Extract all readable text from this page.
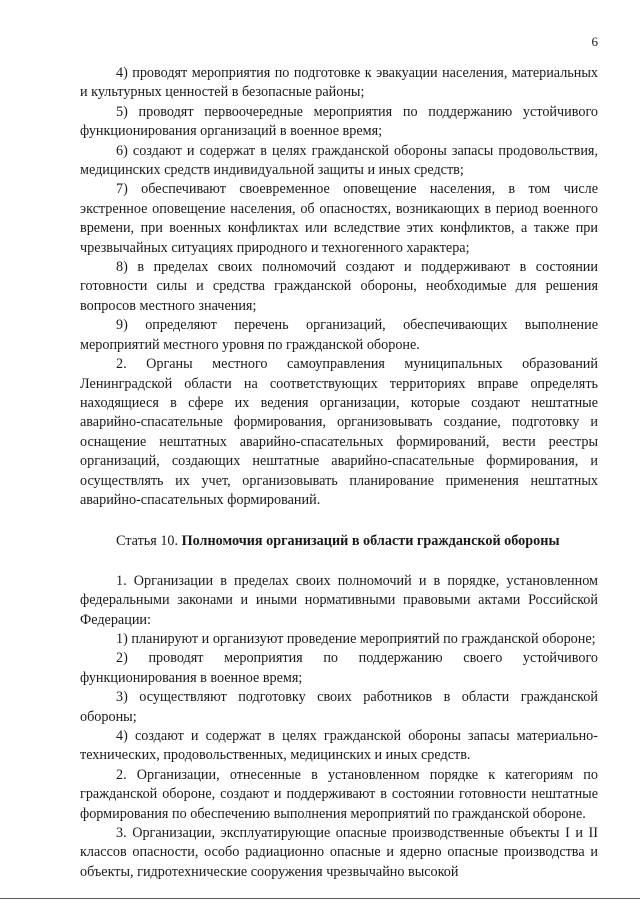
6

4) проводят мероприятия по подготовке к эвакуации населения, материальных и культурных ценностей в безопасные районы;

5) проводят первоочередные мероприятия по поддержанию устойчивого функционирования организаций в военное время;

6) создают и содержат в целях гражданской обороны запасы продовольствия, медицинских средств индивидуальной защиты и иных средств;

7) обеспечивают своевременное оповещение населения, в том числе экстренное оповещение населения, об опасностях, возникающих в период военного времени, при военных конфликтах или вследствие этих конфликтов, а также при чрезвычайных ситуациях природного и техногенного характера;

8) в пределах своих полномочий создают и поддерживают в состоянии готовности силы и средства гражданской обороны, необходимые для решения вопросов местного значения;

9) определяют перечень организаций, обеспечивающих выполнение мероприятий местного уровня по гражданской обороне.

2. Органы местного самоуправления муниципальных образований Ленинградской области на соответствующих территориях вправе определять находящиеся в сфере их ведения организации, которые создают нештатные аварийно-спасательные формирования, организовывать создание, подготовку и оснащение нештатных аварийно-спасательных формирований, вести реестры организаций, создающих нештатные аварийно-спасательные формирования, и осуществлять их учет, организовывать планирование применения нештатных аварийно-спасательных формирований.

Статья 10. Полномочия организаций в области гражданской обороны

1. Организации в пределах своих полномочий и в порядке, установленном федеральными законами и иными нормативными правовыми актами Российской Федерации:

1) планируют и организуют проведение мероприятий по гражданской обороне;

2) проводят мероприятия по поддержанию своего устойчивого функционирования в военное время;

3) осуществляют подготовку своих работников в области гражданской обороны;

4) создают и содержат в целях гражданской обороны запасы материально-технических, продовольственных, медицинских и иных средств.

2. Организации, отнесенные в установленном порядке к категориям по гражданской обороне, создают и поддерживают в состоянии готовности нештатные формирования по обеспечению выполнения мероприятий по гражданской обороне.

3. Организации, эксплуатирующие опасные производственные объекты I и II классов опасности, особо радиационно опасные и ядерно опасные производства и объекты, гидротехнические сооружения чрезвычайно высокой
